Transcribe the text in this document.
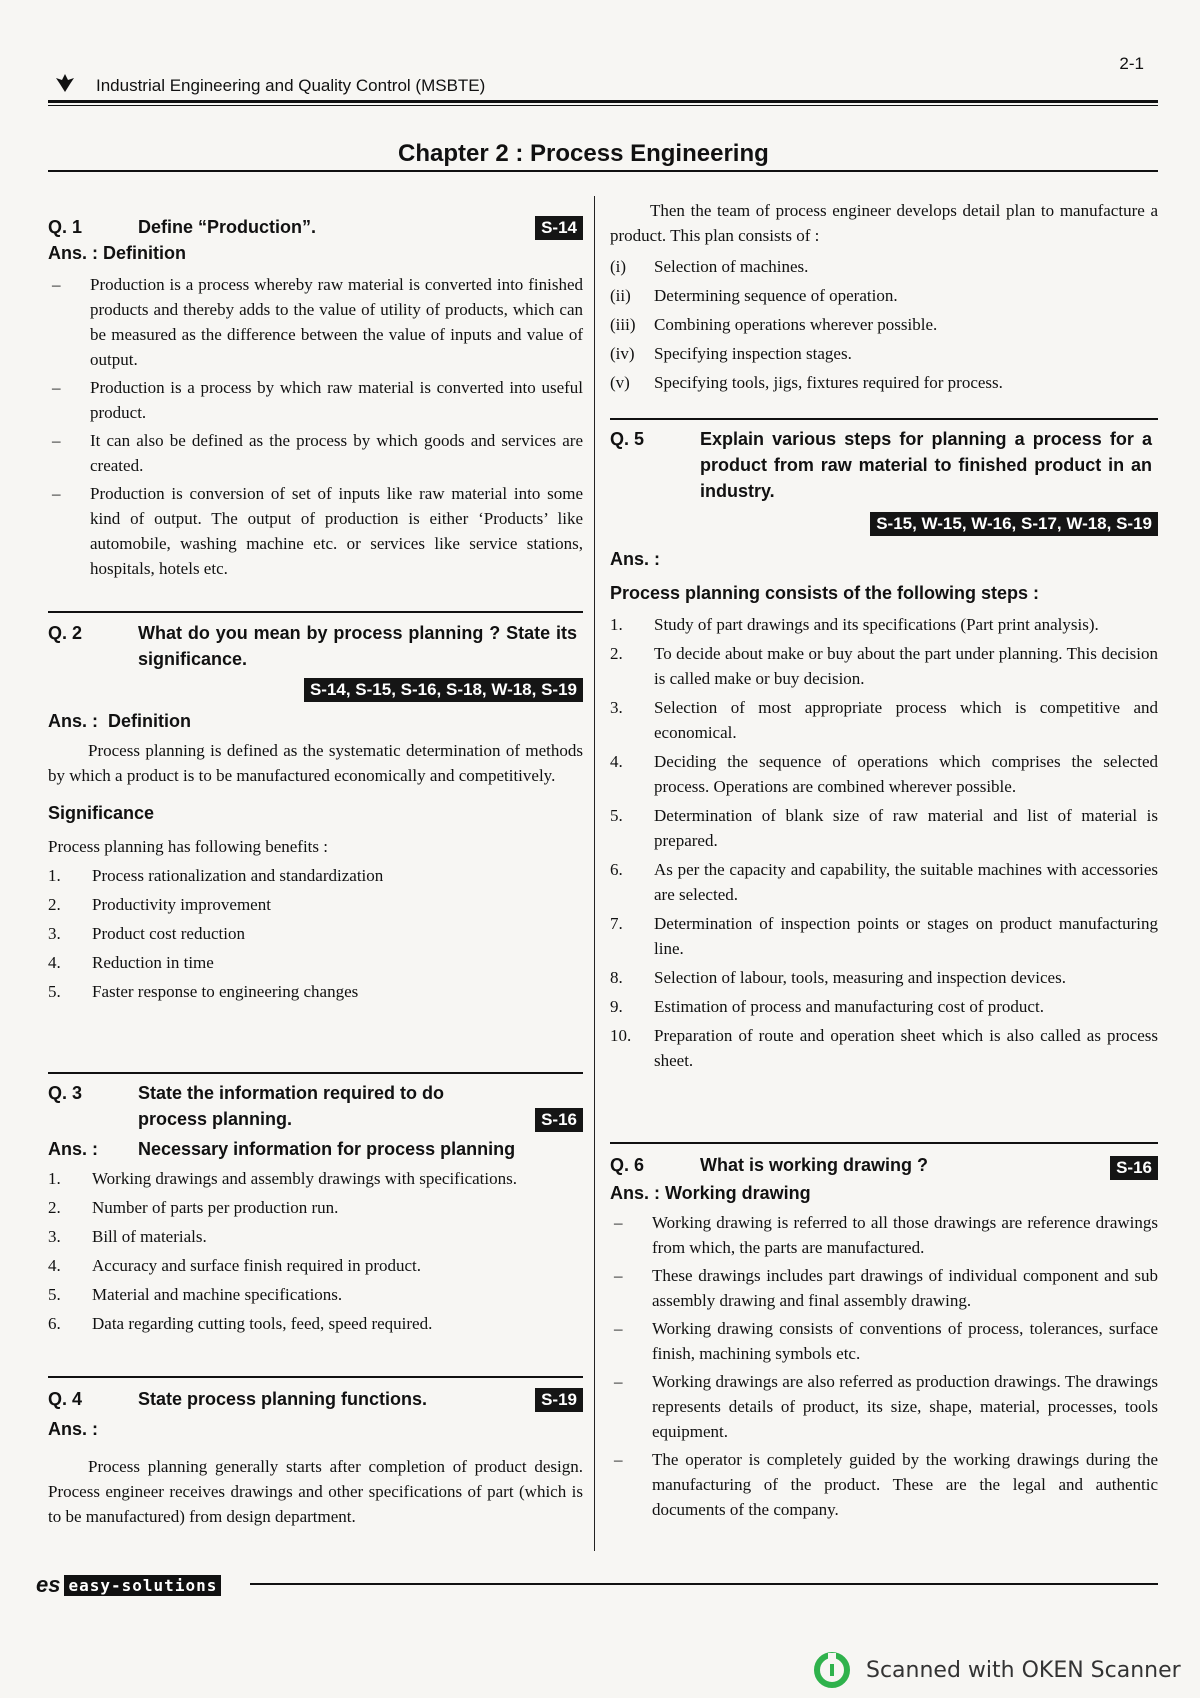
Industrial Engineering and Quality Control (MSBTE)
2-1
Chapter 2 : Process Engineering
Q. 1	Define “Production”.	S-14
Ans. : Definition
– Production is a process whereby raw material is converted into finished products and thereby adds to the value of utility of products, which can be measured as the difference between the value of inputs and value of output.
– Production is a process by which raw material is converted into useful product.
– It can also be defined as the process by which goods and services are created.
– Production is conversion of set of inputs like raw material into some kind of output. The output of production is either ‘Products’ like automobile, washing machine etc. or services like service stations, hospitals, hotels etc.
Q. 2	What do you mean by process planning ? State its significance.
S-14, S-15, S-16, S-18, W-18, S-19
Ans. : Definition
Process planning is defined as the systematic determination of methods by which a product is to be manufactured economically and competitively.
Significance
Process planning has following benefits :
1. Process rationalization and standardization
2. Productivity improvement
3. Product cost reduction
4. Reduction in time
5. Faster response to engineering changes
Q. 3	State the information required to do process planning.	S-16
Ans. : Necessary information for process planning
1. Working drawings and assembly drawings with specifications.
2. Number of parts per production run.
3. Bill of materials.
4. Accuracy and surface finish required in product.
5. Material and machine specifications.
6. Data regarding cutting tools, feed, speed required.
Q. 4	State process planning functions.	S-19
Ans. :
Process planning generally starts after completion of product design. Process engineer receives drawings and other specifications of part (which is to be manufactured) from design department.
Then the team of process engineer develops detail plan to manufacture a product. This plan consists of :
(i) Selection of machines.
(ii) Determining sequence of operation.
(iii) Combining operations wherever possible.
(iv) Specifying inspection stages.
(v) Specifying tools, jigs, fixtures required for process.
Q. 5	Explain various steps for planning a process for a product from raw material to finished product in an industry.
S-15, W-15, W-16, S-17, W-18, S-19
Ans. :
Process planning consists of the following steps :
1. Study of part drawings and its specifications (Part print analysis).
2. To decide about make or buy about the part under planning. This decision is called make or buy decision.
3. Selection of most appropriate process which is competitive and economical.
4. Deciding the sequence of operations which comprises the selected process. Operations are combined wherever possible.
5. Determination of blank size of raw material and list of material is prepared.
6. As per the capacity and capability, the suitable machines with accessories are selected.
7. Determination of inspection points or stages on product manufacturing line.
8. Selection of labour, tools, measuring and inspection devices.
9. Estimation of process and manufacturing cost of product.
10. Preparation of route and operation sheet which is also called as process sheet.
Q. 6	What is working drawing ?	S-16
Ans. : Working drawing
– Working drawing is referred to all those drawings are reference drawings from which, the parts are manufactured.
– These drawings includes part drawings of individual component and sub assembly drawing and final assembly drawing.
– Working drawing consists of conventions of process, tolerances, surface finish, machining symbols etc.
– Working drawings are also referred as production drawings. The drawings represents details of product, its size, shape, material, processes, tools equipment.
– The operator is completely guided by the working drawings during the manufacturing of the product. These are the legal and authentic documents of the company.
es easy-solutions
Scanned with OKEN Scanner
